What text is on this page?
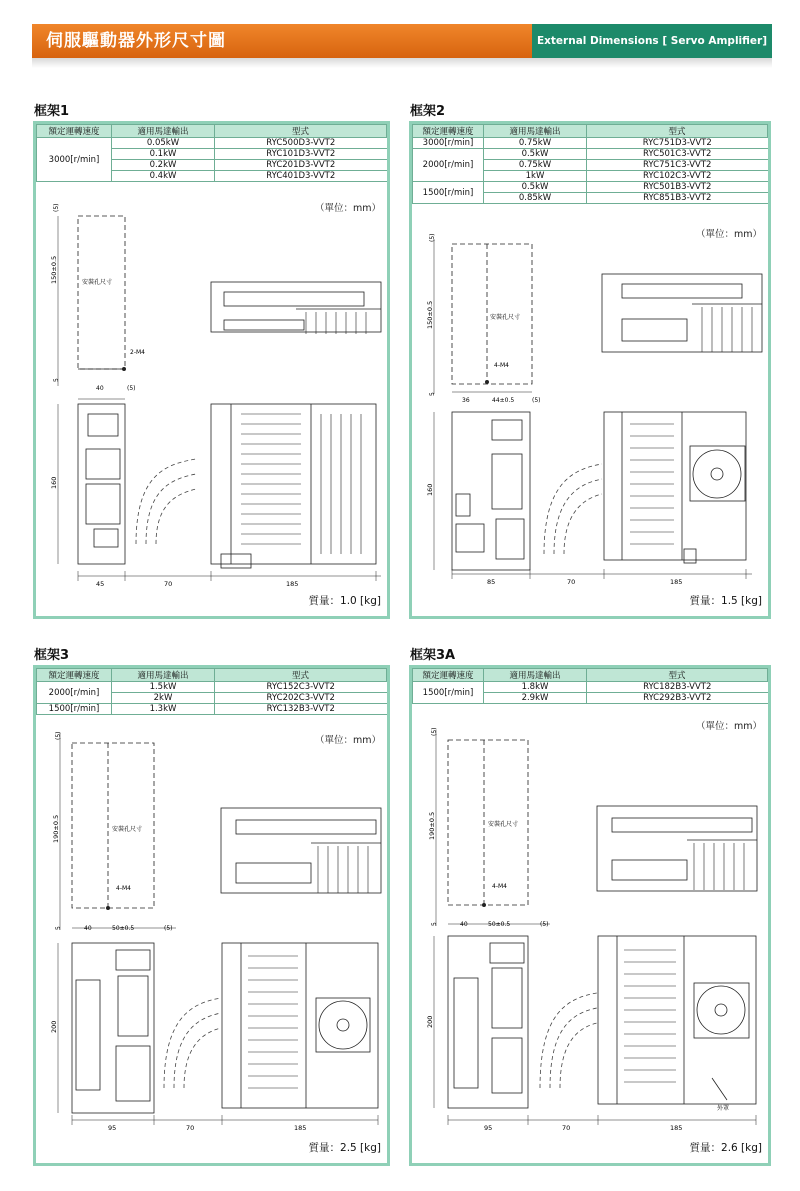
伺服驅動器外形尺寸圖	External Dimensions [ Servo Amplifier]
框架1
額定運轉速度	適用馬達輸出	型式
3000[r/min]	0.05kW	RYC500D3-VVT2
	0.1kW	RYC101D3-VVT2
	0.2kW	RYC201D3-VVT2
	0.4kW	RYC401D3-VVT2
（單位：mm）
150±0.5
(5)
5
安裝孔尺寸
2-M4
40	(5)
160
45	70	185
質量：1.0 [kg]
框架2
額定運轉速度	適用馬達輸出	型式
3000[r/min]	0.75kW	RYC751D3-VVT2
2000[r/min]	0.5kW	RYC501C3-VVT2
	0.75kW	RYC751C3-VVT2
	1kW	RYC102C3-VVT2
1500[r/min]	0.5kW	RYC501B3-VVT2
	0.85kW	RYC851B3-VVT2
（單位：mm）
150±0.5
(5)
5
安裝孔尺寸
4-M4
36	44±0.5	(5)
160
85	70	185
質量：1.5 [kg]
框架3
額定運轉速度	適用馬達輸出	型式
2000[r/min]	1.5kW	RYC152C3-VVT2
	2kW	RYC202C3-VVT2
1500[r/min]	1.3kW	RYC132B3-VVT2
（單位：mm）
190±0.5
(5)
5
安裝孔尺寸
4-M4
40	50±0.5	(5)
200
95	70	185
質量：2.5 [kg]
框架3A
額定運轉速度	適用馬達輸出	型式
1500[r/min]	1.8kW	RYC182B3-VVT2
	2.9kW	RYC292B3-VVT2
（單位：mm）
190±0.5
(5)
5
安裝孔尺寸
4-M4
40	50±0.5	(5)
外罩
200
95	70	185
質量：2.6 [kg]
